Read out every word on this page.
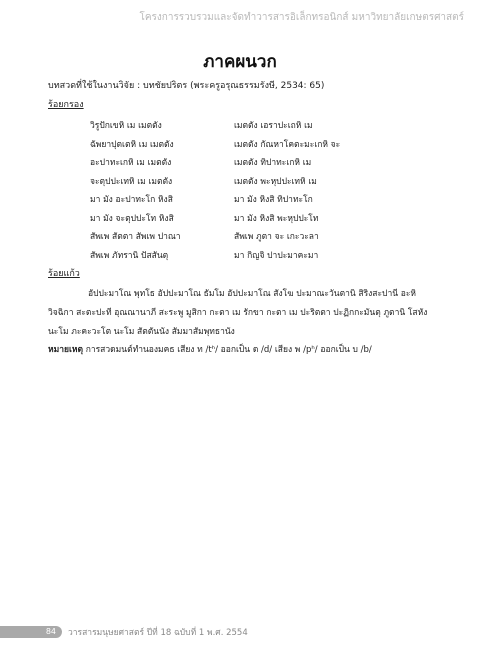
โครงการรวบรวมและจัดทำวารสารอิเล็กทรอนิกส์ มหาวิทยาลัยเกษตรศาสตร์
ภาคผนวก
บทสวดที่ใช้ในงานวิจัย : บทชัยปริตร (พระครูอรุณธรรมรังษี, 2534: 65)
ร้อยกรอง
วิรูปักเขหิ เม เมตตัง	เมตตัง เอราปะเถหิ เม
ฉัพยาปุตเตหิ เม เมตตัง	เมตตัง กัณหาโคตะมะเกหิ จะ
อะปาทะเกหิ เม เมตตัง	เมตตัง ทิปาทะเกหิ เม
จะตุปปะเทหิ เม เมตตัง	เมตตัง พะหุปปะเทหิ เม
มา มัง อะปาทะโก หิงสิ	มา มัง หิงสิ ทิปาทะโก
มา มัง จะตุปปะโท หิงสิ	มา มัง หิงสิ พะหุปปะโท
สัพเพ สัตตา สัพเพ ปาณา	สัพเพ ภูตา จะ เกะวะลา
สัพเพ ภัทรานิ ปัสสันตุ	มา กิญจิ ปาปะมาคะมา
ร้อยแก้ว
อัปปะมาโณ พุทโธ อัปปะมาโณ ธัมโม อัปปะมาโณ สังโฆ ปะมาณะวันตานิ สิริงสะปานี อะหิ วิจฉิกา สะตะปะที อุณณานาภี สะระพู มูสิกา กะตา เม รักขา กะตา เม ปะริตตา ปะฏิกกะมันตุ ภูตานิ โสหัง นะโม ภะคะวะโต นะโม สัตตันนัง สัมมาสัมพุทธานัง
หมายเหตุ การสวดมนต์ทำนองมคธ เสียง ท /tʰ/ ออกเป็น ด /d/ เสียง พ /pʰ/ ออกเป็น บ /b/
84	วารสารมนุษยศาสตร์ ปีที่ 18 ฉบับที่ 1 พ.ศ. 2554
